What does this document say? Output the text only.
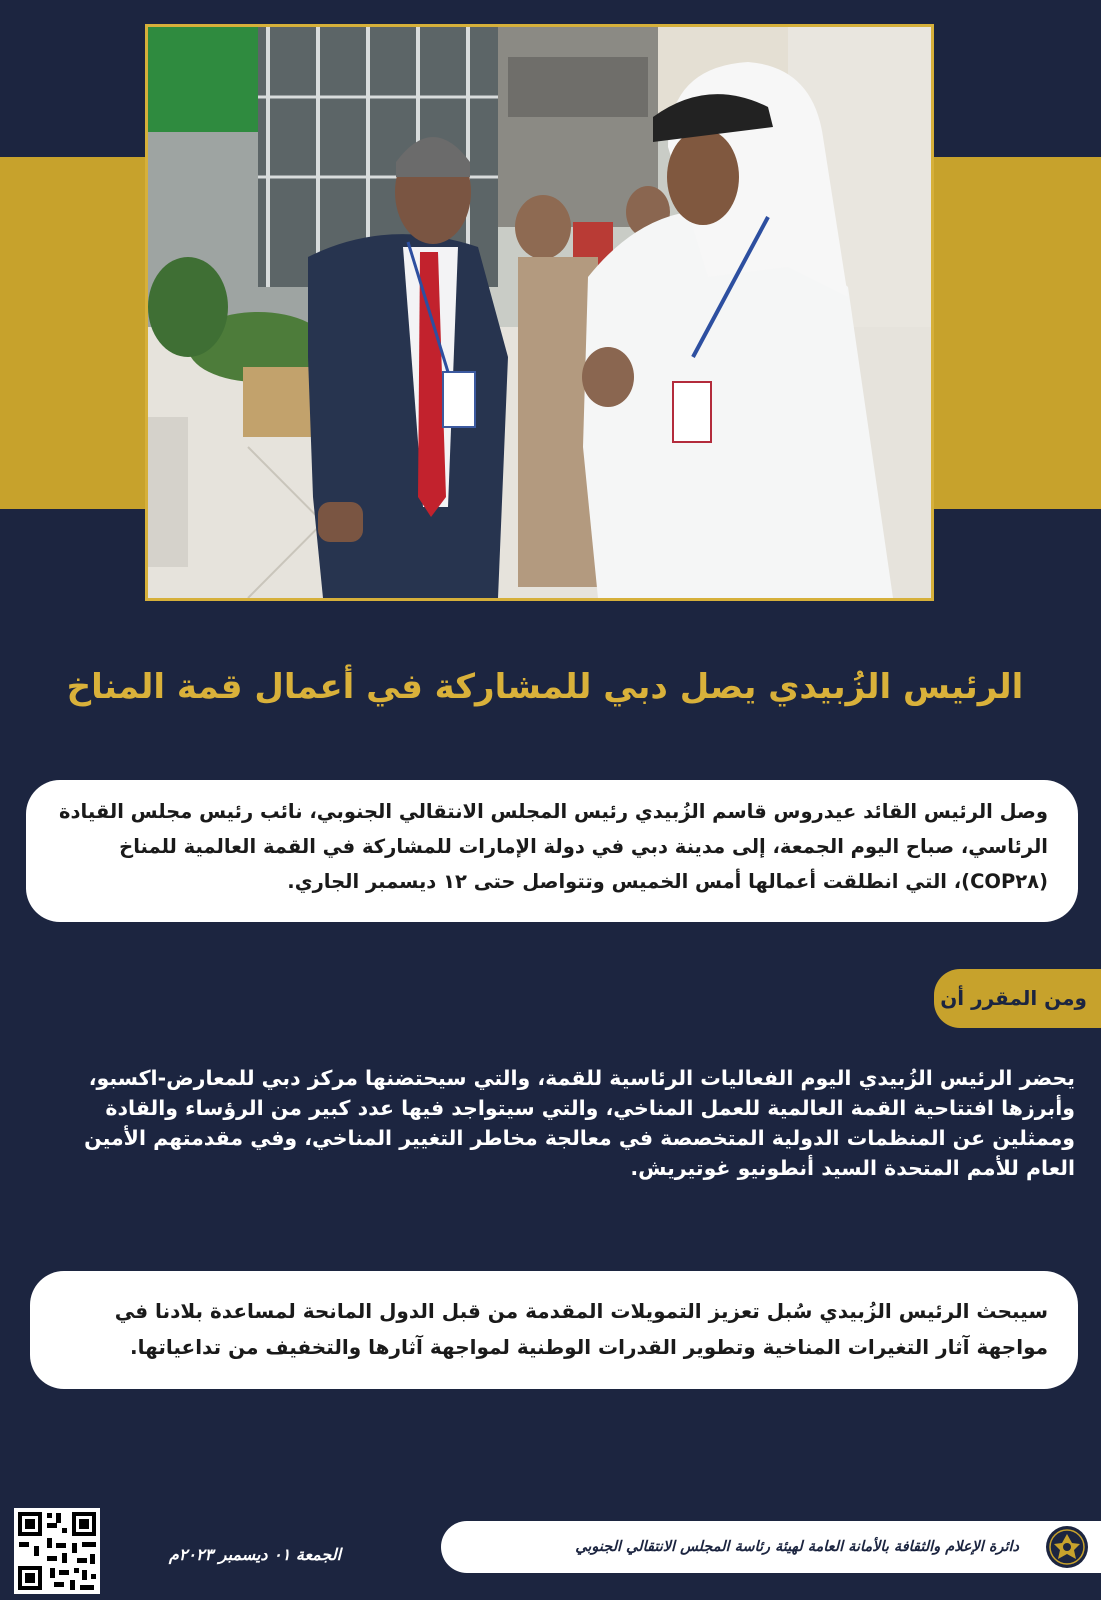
الرئيس الزُبيدي يصل دبي للمشاركة في أعمال قمة المناخ

وصل الرئيس القائد عيدروس قاسم الزُبيدي رئيس المجلس الانتقالي الجنوبي، نائب رئيس مجلس القيادة الرئاسي، صباح اليوم الجمعة، إلى مدينة دبي في دولة الإمارات للمشاركة في القمة العالمية للمناخ (COP٢٨)، التي انطلقت أعمالها أمس الخميس وتتواصل حتى ١٢ ديسمبر الجاري.

ومن المقرر أن

يحضر الرئيس الزُبيدي اليوم الفعاليات الرئاسية للقمة، والتي سيحتضنها مركز دبي للمعارض-اكسبو، وأبرزها افتتاحية القمة العالمية للعمل المناخي، والتي سيتواجد فيها عدد كبير من الرؤساء والقادة وممثلين عن المنظمات الدولية المتخصصة في معالجة مخاطر التغيير المناخي، وفي مقدمتهم الأمين العام للأمم المتحدة السيد أنطونيو غوتيريش.

سيبحث الرئيس الزُبيدي سُبل تعزيز التمويلات المقدمة من قبل الدول المانحة لمساعدة بلادنا في مواجهة آثار التغيرات المناخية وتطوير القدرات الوطنية لمواجهة آثارها والتخفيف من تداعياتها.

الجمعة ٠١ ديسمبر ٢٠٢٣م	دائرة الإعلام والثقافة بالأمانة العامة لهيئة رئاسة المجلس الانتقالي الجنوبي
